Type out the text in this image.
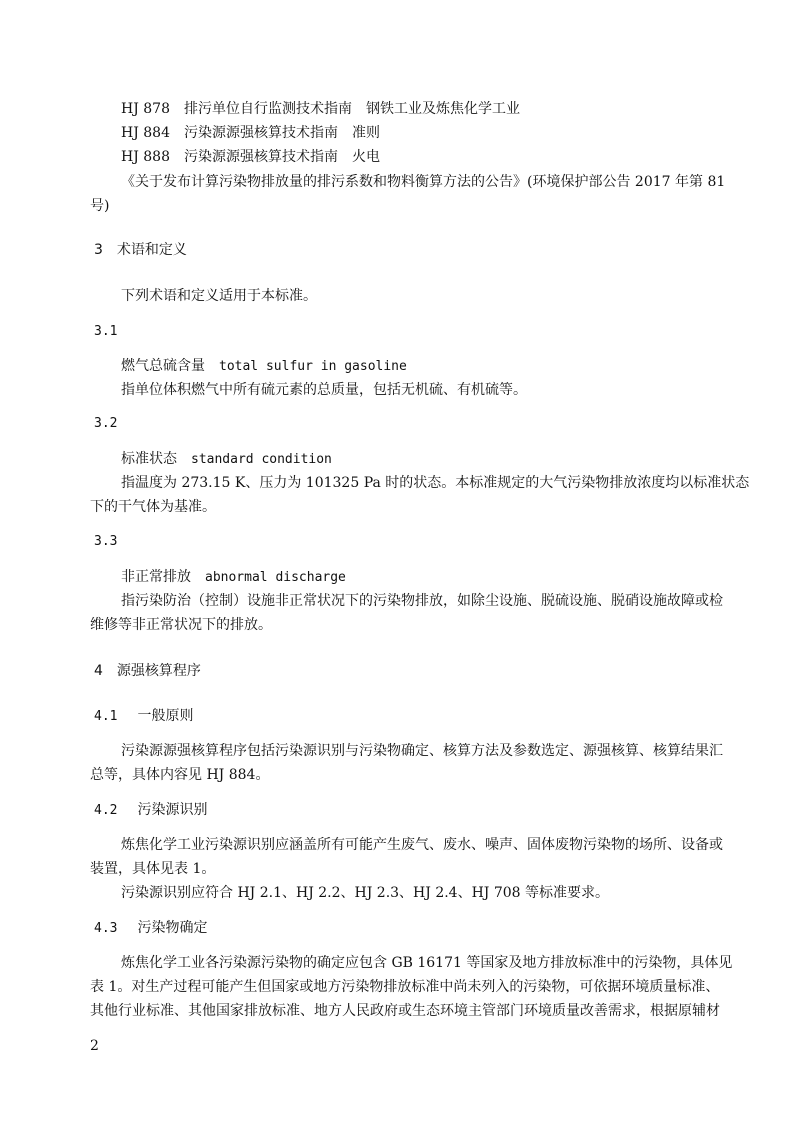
HJ 878 排污单位自行监测技术指南　钢铁工业及炼焦化学工业
HJ 884 污染源源强核算技术指南　准则
HJ 888 污染源源强核算技术指南　火电
《关于发布计算污染物排放量的排污系数和物料衡算方法的公告》(环境保护部公告 2017 年第 81
号)
3 术语和定义
下列术语和定义适用于本标准。
3.1
燃气总硫含量 total sulfur in gasoline
指单位体积燃气中所有硫元素的总质量，包括无机硫、有机硫等。
3.2
标准状态 standard condition
指温度为 273.15 K、压力为 101325 Pa 时的状态。本标准规定的大气污染物排放浓度均以标准状态
下的干气体为基准。
3.3
非正常排放 abnormal discharge
指污染防治（控制）设施非正常状况下的污染物排放，如除尘设施、脱硫设施、脱硝设施故障或检
维修等非正常状况下的排放。
4 源强核算程序
4.1 一般原则
污染源源强核算程序包括污染源识别与污染物确定、核算方法及参数选定、源强核算、核算结果汇
总等，具体内容见 HJ 884。
4.2 污染源识别
炼焦化学工业污染源识别应涵盖所有可能产生废气、废水、噪声、固体废物污染物的场所、设备或
装置，具体见表 1。
污染源识别应符合 HJ 2.1、HJ 2.2、HJ 2.3、HJ 2.4、HJ 708 等标准要求。
4.3 污染物确定
炼焦化学工业各污染源污染物的确定应包含 GB 16171 等国家及地方排放标准中的污染物，具体见
表 1。对生产过程可能产生但国家或地方污染物排放标准中尚未列入的污染物，可依据环境质量标准、
其他行业标准、其他国家排放标准、地方人民政府或生态环境主管部门环境质量改善需求，根据原辅材
2
